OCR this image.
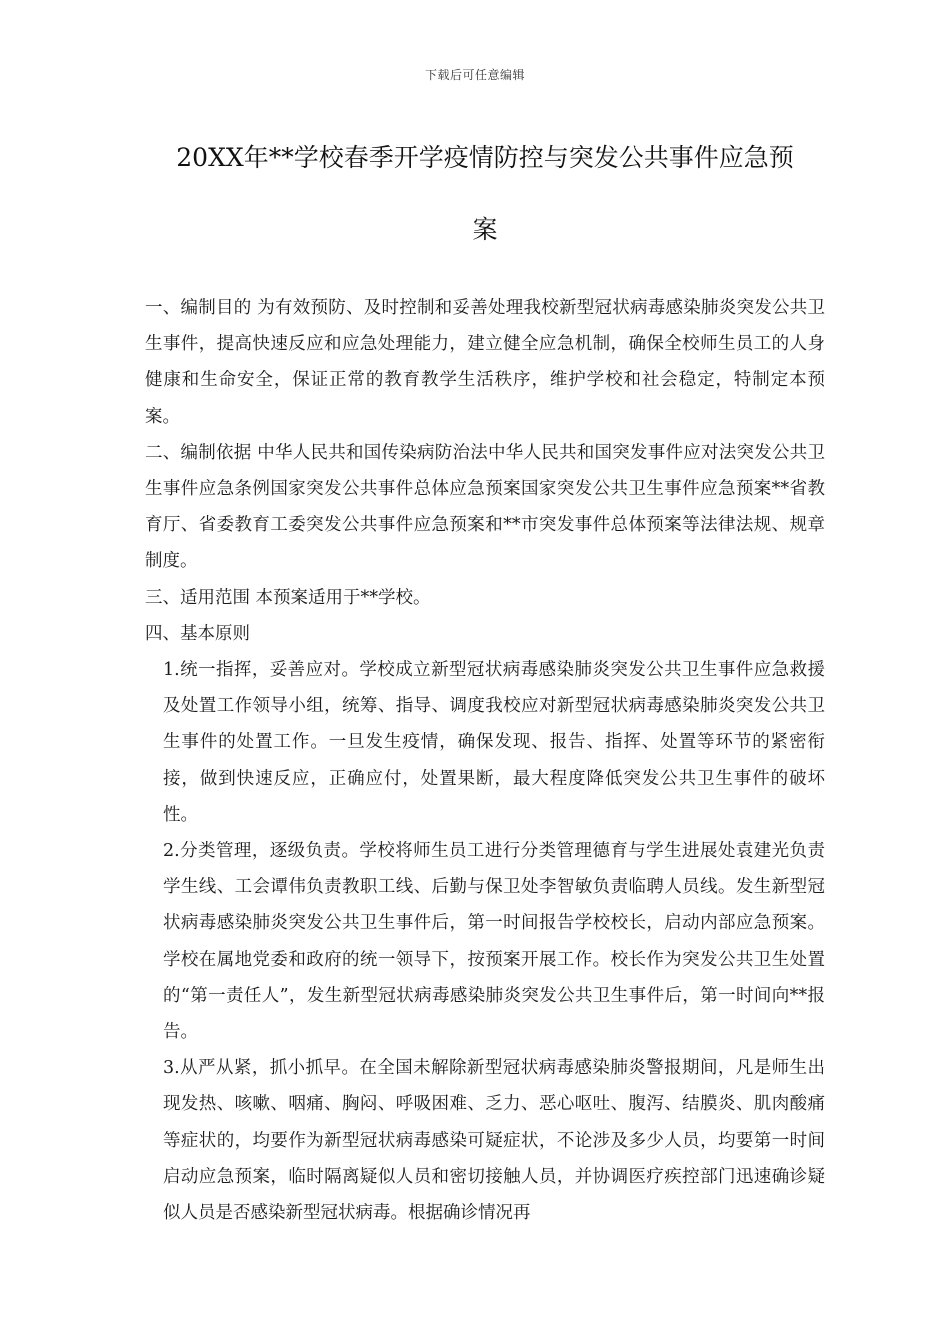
下载后可任意编辑
20XX年**学校春季开学疫情防控与突发公共事件应急预
案

一、编制目的 为有效预防、及时控制和妥善处理我校新型冠状病毒感染肺炎突发公共卫生事件，提高快速反应和应急处理能力，建立健全应急机制，确保全校师生员工的人身健康和生命安全，保证正常的教育教学生活秩序，维护学校和社会稳定，特制定本预案。

二、编制依据 中华人民共和国传染病防治法中华人民共和国突发事件应对法突发公共卫生事件应急条例国家突发公共事件总体应急预案国家突发公共卫生事件应急预案**省教育厅、省委教育工委突发公共事件应急预案和**市突发事件总体预案等法律法规、规章制度。

三、适用范围 本预案适用于**学校。

四、基本原则

1.统一指挥，妥善应对。学校成立新型冠状病毒感染肺炎突发公共卫生事件应急救援及处置工作领导小组，统筹、指导、调度我校应对新型冠状病毒感染肺炎突发公共卫生事件的处置工作。一旦发生疫情，确保发现、报告、指挥、处置等环节的紧密衔接，做到快速反应，正确应付，处置果断，最大程度降低突发公共卫生事件的破坏性。

2.分类管理，逐级负责。学校将师生员工进行分类管理德育与学生进展处袁建光负责学生线、工会谭伟负责教职工线、后勤与保卫处李智敏负责临聘人员线。发生新型冠状病毒感染肺炎突发公共卫生事件后，第一时间报告学校校长，启动内部应急预案。学校在属地党委和政府的统一领导下，按预案开展工作。校长作为突发公共卫生处置的“第一责任人”，发生新型冠状病毒感染肺炎突发公共卫生事件后，第一时间向**报告。

3.从严从紧，抓小抓早。在全国未解除新型冠状病毒感染肺炎警报期间，凡是师生出现发热、咳嗽、咽痛、胸闷、呼吸困难、乏力、恶心呕吐、腹泻、结膜炎、肌肉酸痛等症状的，均要作为新型冠状病毒感染可疑症状，不论涉及多少人员，均要第一时间启动应急预案，临时隔离疑似人员和密切接触人员，并协调医疗疾控部门迅速确诊疑似人员是否感染新型冠状病毒。根据确诊情况再
